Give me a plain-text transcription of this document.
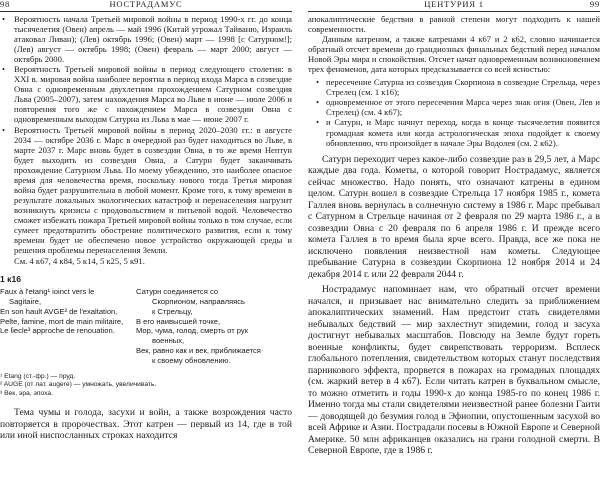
98	НОСТРАДАМУС
• Вероятность начала Третьей мировой войны в период 1990-х гг. до конца тысячелетия (Овен) апрель — май 1996 (Китай угрожал Тайваню, Израиль атаковал Ливан); (Лев) октябрь 1996; (Овен) март — 1998 [с Сатурном!]; (Лев) август — октябрь 1998; (Овен) февраль — март 2000; август — октябрь 2000.
• Вероятность Третьей мировой войны в период следующего столетия: в XXI в. мировая война наиболее вероятна в период входа Марса в созвездие Овна с одновременным двухлетним прохождением Сатурном созвездия Льва (2005–2007), затем нахождения Марса во Льве в июне — июле 2006 и повторения того же с нахождением Марса в созвездии Овна с одновременным выходом Сатурна из Льва в мае — июне 2007 г.
• Вероятность Третьей мировой войны в период 2020–2030 гг.: в августе 2034 — октябре 2036 г. Марс в очередной раз будет находиться во Льве, в марте 2037 г. Марс вновь будет в созвездии Овна, в то же время Нептун будет выходить из созвездия Овна, а Сатурн будет заканчивать прохождение Сатурном Льва. По моему убеждению, это наиболее опасное время для человечества время, поскольку нового тогда Третья мировая война будет разрушительна в любой момент. Кроме того, к тому времени в результате локальных экологических катастроф и перенаселения нагрузит возникнуть кризисы с продовольствием и питьевой водой. Человечество сможет избежать пожара Третьей мировой войны только в том случае, если сумеет предотвратить обострение политического развития, если к тому времени будет не обеспечено новое устройство окружающей среды и решения проблемы перенаселения Земли.

См. 4 к67, 4 к84, 5 к14, 5 к25, 5 к91.

1 к16
Faux à l'etang¹ ioinct vers le
Sagitaire,
En son hault AVGE² de l'exaltation,
Peſte, famine, mort de main militaire,
Le ſiecle³ approche de renouation.
Сатурн соединяется со
Скорпионом, направляясь
к Стрельцу,
В его наивысшей точке,
Мор, чума, голод, смерть от рук
военных,
Век, равно как и век, приближается
к своему обновлению.
¹ Etang (cт.-фр.) — пруд.
² AUGE (от лат. augere) — умножать, увеличивать.
³ Век, эра, эпоха.

Тема чумы и голода, засухи и войн, а также возрождения часто повторяется в пророчествах. Этот катрен — первый из 14, где в той или иной ниспосланных строках находится

ЦЕНТУРИЯ 1	99

апокалиптические бедствия в равной степени могут подходить к нашей современности.

Данным катреном, а также катренами 4 к67 и 2 к62, словно начинается обратный отсчет времени до грандиозных финальных бедствий перед началом Новой Эры мира и спокойствия. Отсчет начат одновременным возникновением трех феноменов, дата которых предсказывается со всей ясностью:

• пересечение Сатурна из созвездия Скорпиона в созвездие Стрельца, через Стрелец (см. 1 к16);
• одновременное от этого пересечения Марса через знак огня (Овен, Лев и Стрелец) (см. 4 к67);
• и Сатурн, и Марс начнут переход, когда в конце тысячелетия появится громадная комета или когда астрологическая эпоха подойдет к своему обновлению, что произойдет в начале Эры Водолея (см. 2 к62).

Сатурн переходит через какое-либо созвездие раз в 29,5 лет, а Марс каждые два года. Кометы, о которой говорит Нострадамус, является сейчас множество. Надо понять, что означают катрены в едином целом. Сатурн вошел в созвездие Стрельца 17 ноября 1985 г., комета Галлея вновь вернулась в солнечную систему в 1986 г. Марс пребывал с Сатурном в Стрельце начиная от 2 февраля по 29 марта 1986 г., а в созвездии Овна с 20 февраля по 6 апреля 1986 г. И прежде всего комета Галлея в то время была ярче всего. Правда, все же пока не исключено появления неизвестной нам кометы. Следующее пребывание Сатурна в созвездии Скорпиона 12 ноября 2014 и 24 декабря 2014 г. или 22 февраля 2044 г.

Нострадамус напоминает нам, что обратный отсчет времени начался, и призывает нас внимательно следить за приближением апокалиптических знамений. Нам предстоит стать свидетелями небывалых бедствий — мир захлестнут эпидемии, голод и засуха достигнут небывалых масштабов. Повсюду на Земле будут гореть военные конфликты, будет свирепствовать терроризм. Всплеск глобального потепления, свидетельством которых станут последствия парникового эффекта, прорвется в пожарах на громадных площадях (см. жаркий ветер в 4 к67). Если читать катрен в буквальном смысле, то можно отметить и годы 1990-х до конца 1985-го по конец 1986 г. Именно тогда мы стали свидетелями неизвестной ранее болезни Гаити — доводящей до безумия голод в Эфиопии, опустошенным засухой во всей Африке и Азии. Пострадали посевы в Южной Европе и Северной Америке. 50 млн африканцев оказались на грани голодной смерти. В Северной Европе, где в 1986 г.
